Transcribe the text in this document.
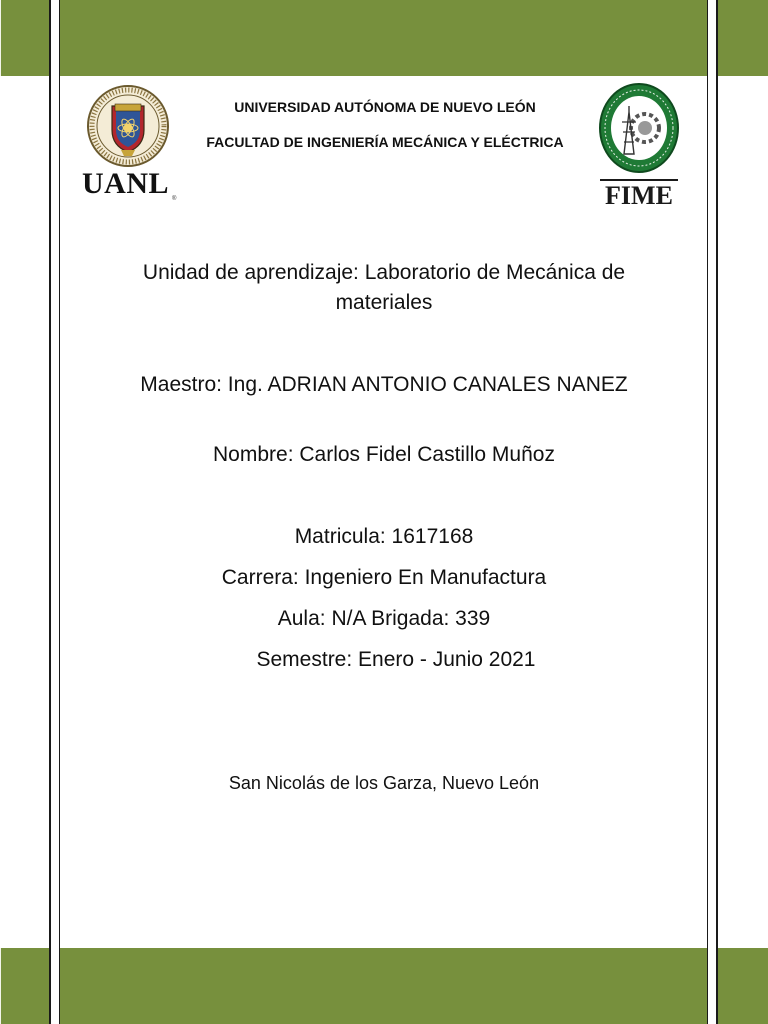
UANL ®	FIME
UNIVERSIDAD AUTÓNOMA DE NUEVO LEÓN
FACULTAD DE INGENIERÍA MECÁNICA Y ELÉCTRICA
Unidad de aprendizaje: Laboratorio de Mecánica de materiales
Maestro: Ing. ADRIAN ANTONIO CANALES NANEZ
Nombre: Carlos Fidel Castillo Muñoz
Matricula: 1617168
Carrera: Ingeniero En Manufactura
Aula: N/A Brigada: 339
Semestre: Enero - Junio 2021
San Nicolás de los Garza, Nuevo León
